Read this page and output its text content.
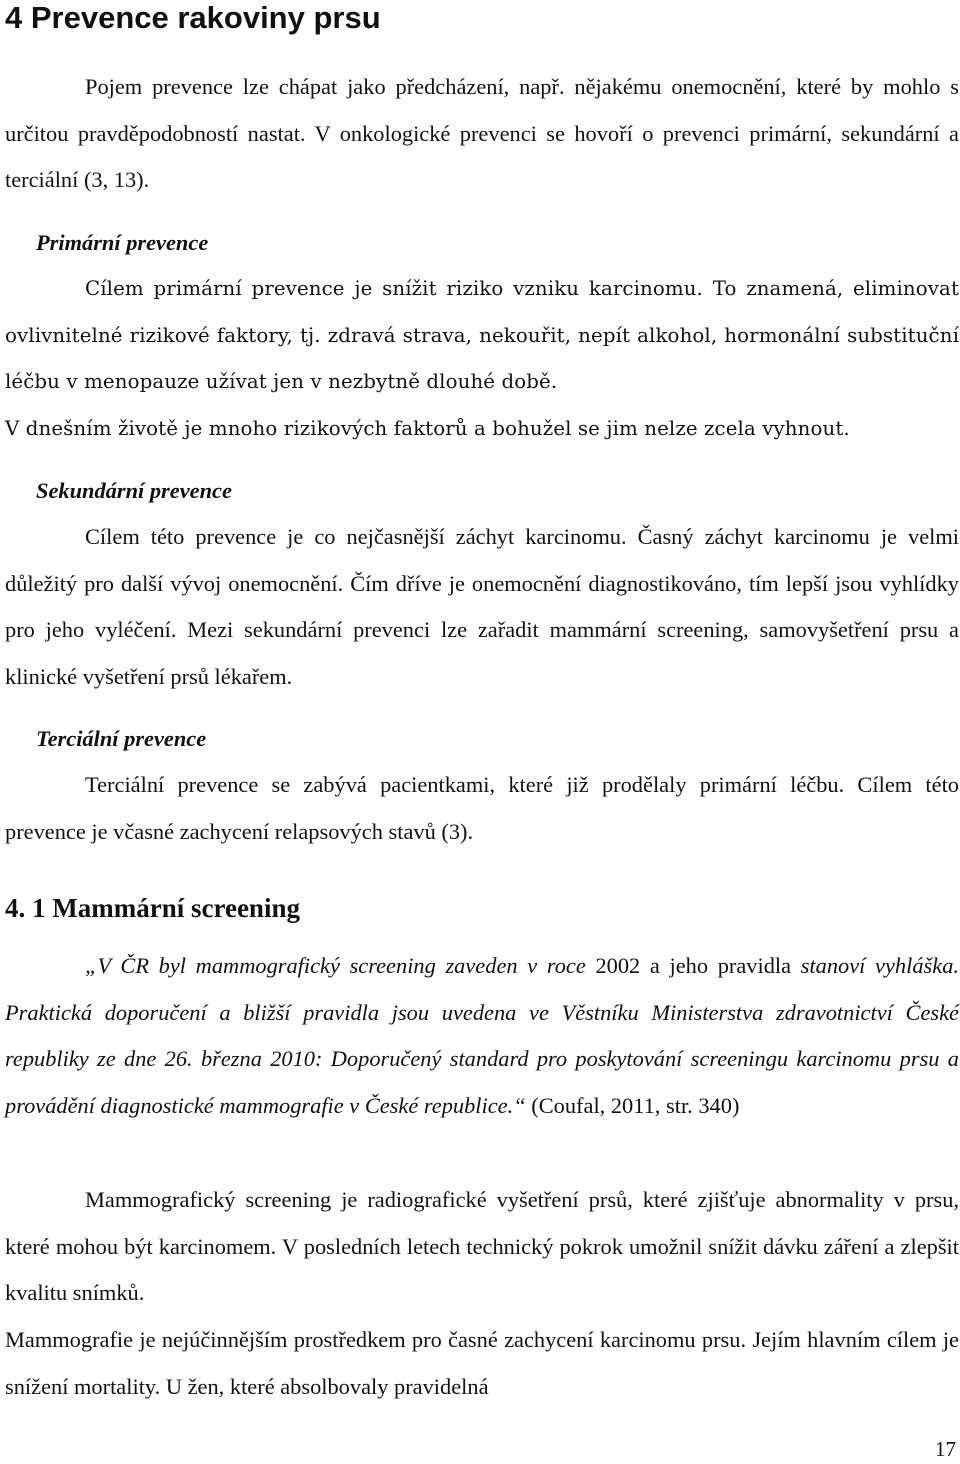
4 Prevence rakoviny prsu

Pojem prevence lze chápat jako předcházení, např. nějakému onemocnění, které by mohlo s určitou pravděpodobností nastat. V onkologické prevenci se hovoří o prevenci primární, sekundární a terciální (3, 13).

Primární prevence

Cílem primární prevence je snížit riziko vzniku karcinomu. To znamená, eliminovat ovlivnitelné rizikové faktory, tj. zdravá strava, nekouřit, nepít alkohol, hormonální substituční léčbu v menopauze užívat jen v nezbytně dlouhé době.

V dnešním životě je mnoho rizikových faktorů a bohužel se jim nelze zcela vyhnout.

Sekundární prevence

Cílem této prevence je co nejčasnější záchyt karcinomu. Časný záchyt karcinomu je velmi důležitý pro další vývoj onemocnění. Čím dříve je onemocnění diagnostikováno, tím lepší jsou vyhlídky pro jeho vyléčení. Mezi sekundární prevenci lze zařadit mammární screening, samovyšetření prsu a klinické vyšetření prsů lékařem.

Terciální prevence

Terciální prevence se zabývá pacientkami, které již prodělaly primární léčbu. Cílem této prevence je včasné zachycení relapsových stavů (3).

4. 1 Mammární screening

„V ČR byl mammografický screening zaveden v roce 2002 a jeho pravidla stanoví vyhláška. Praktická doporučení a bližší pravidla jsou uvedena ve Věstníku Ministerstva zdravotnictví České republiky ze dne 26. března 2010: Doporučený standard pro poskytování screeningu karcinomu prsu a provádění diagnostické mammografie v České republice.“ (Coufal, 2011, str. 340)

Mammografický screening je radiografické vyšetření prsů, které zjišťuje abnormality v prsu, které mohou být karcinomem. V posledních letech technický pokrok umožnil snížit dávku záření a zlepšit kvalitu snímků.

Mammografie je nejúčinnějším prostředkem pro časné zachycení karcinomu prsu. Jejím hlavním cílem je snížení mortality. U žen, které absolbovaly pravidelná

17
